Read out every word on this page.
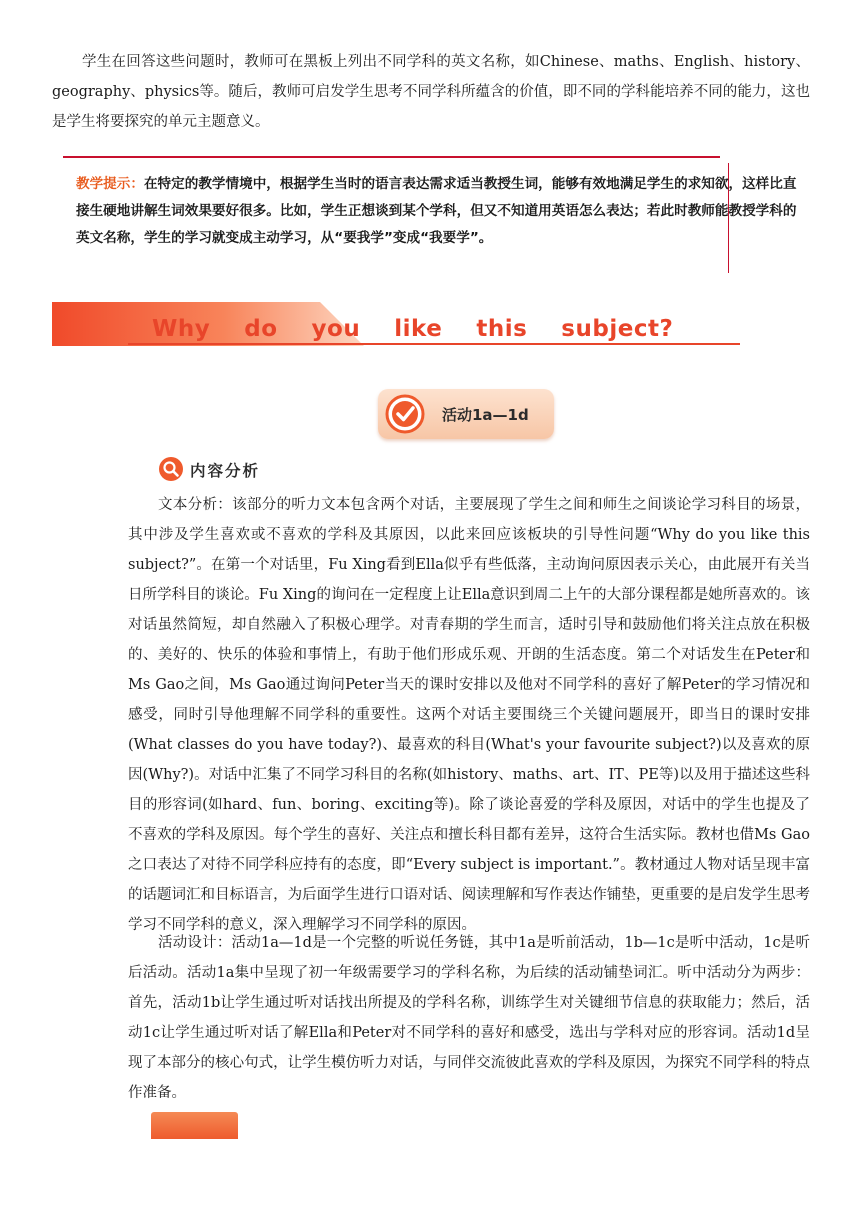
学生在回答这些问题时，教师可在黑板上列出不同学科的英文名称，如Chinese、maths、English、history、geography、physics等。随后，教师可启发学生思考不同学科所蕴含的价值，即不同的学科能培养不同的能力，这也是学生将要探究的单元主题意义。

教学提示：在特定的教学情境中，根据学生当时的语言表达需求适当教授生词，能够有效地满足学生的求知欲，这样比直接生硬地讲解生词效果要好很多。比如，学生正想谈到某个学科，但又不知道用英语怎么表达；若此时教师能教授学科的英文名称，学生的学习就变成主动学习，从“要我学”变成“我要学”。

Why    do    you    like    this    subject?
活动1a—1d
内容分析

文本分析：该部分的听力文本包含两个对话，主要展现了学生之间和师生之间谈论学习科目的场景，其中涉及学生喜欢或不喜欢的学科及其原因，以此来回应该板块的引导性问题“Why do you like this subject?”。在第一个对话里，Fu Xing看到Ella似乎有些低落，主动询问原因表示关心，由此展开有关当日所学科目的谈论。Fu Xing的询问在一定程度上让Ella意识到周二上午的大部分课程都是她所喜欢的。该对话虽然简短，却自然融入了积极心理学。对青春期的学生而言，适时引导和鼓励他们将关注点放在积极的、美好的、快乐的体验和事情上，有助于他们形成乐观、开朗的生活态度。第二个对话发生在Peter和Ms Gao之间，Ms Gao通过询问Peter当天的课时安排以及他对不同学科的喜好了解Peter的学习情况和感受，同时引导他理解不同学科的重要性。这两个对话主要围绕三个关键问题展开，即当日的课时安排(What classes do you have today?)、最喜欢的科目(What's your favourite subject?)以及喜欢的原因(Why?)。对话中汇集了不同学习科目的名称(如history、maths、art、IT、PE等)以及用于描述这些科目的形容词(如hard、fun、boring、exciting等)。除了谈论喜爱的学科及原因，对话中的学生也提及了不喜欢的学科及原因。每个学生的喜好、关注点和擅长科目都有差异，这符合生活实际。教材也借Ms Gao之口表达了对待不同学科应持有的态度，即“Every subject is important.”。教材通过人物对话呈现丰富的话题词汇和目标语言，为后面学生进行口语对话、阅读理解和写作表达作铺垫，更重要的是启发学生思考学习不同学科的意义，深入理解学习不同学科的原因。

活动设计：活动1a—1d是一个完整的听说任务链，其中1a是听前活动，1b—1c是听中活动，1c是听后活动。活动1a集中呈现了初一年级需要学习的学科名称，为后续的活动铺垫词汇。听中活动分为两步：首先，活动1b让学生通过听对话找出所提及的学科名称，训练学生对关键细节信息的获取能力；然后，活动1c让学生通过听对话了解Ella和Peter对不同学科的喜好和感受，选出与学科对应的形容词。活动1d呈现了本部分的核心句式，让学生模仿听力对话，与同伴交流彼此喜欢的学科及原因，为探究不同学科的特点作准备。
